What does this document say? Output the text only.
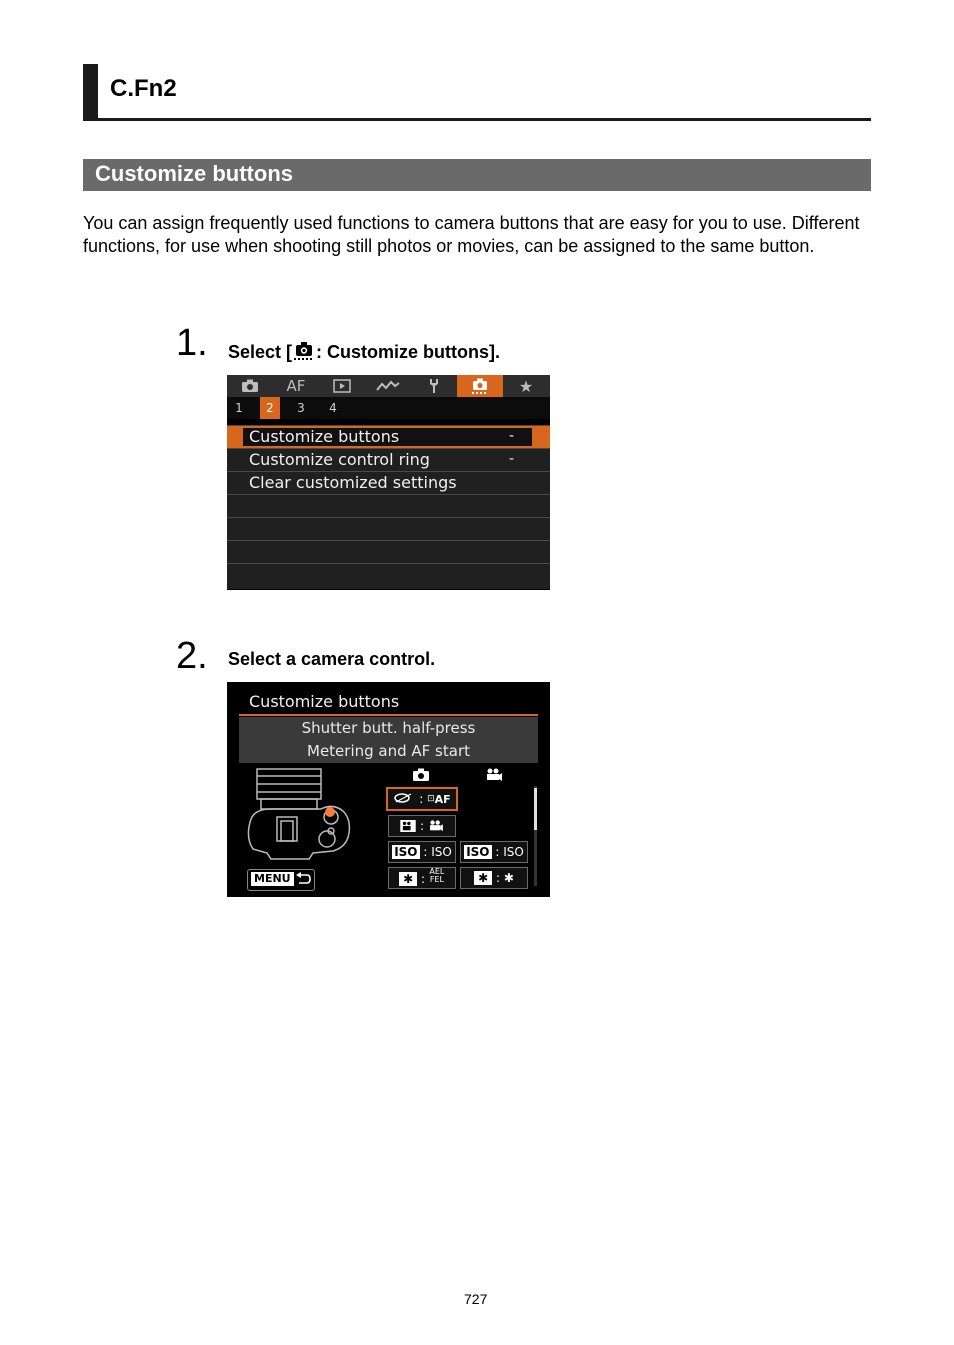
C.Fn2
Customize buttons
You can assign frequently used functions to camera buttons that are easy for you to use. Different functions, for use when shooting still photos or movies, can be assigned to the same button.
1. Select [ : Customize buttons].
AF	★
1	2	3	4
Customize buttons	-
Customize control ring	-
Clear customized settings
2. Select a camera control.
Customize buttons
Shutter butt. half-press
Metering and AF start
: ⊡AF
:
ISO : ISO	ISO : ISO
✱ : AEL FEL	✱ : ✱
MENU
727
